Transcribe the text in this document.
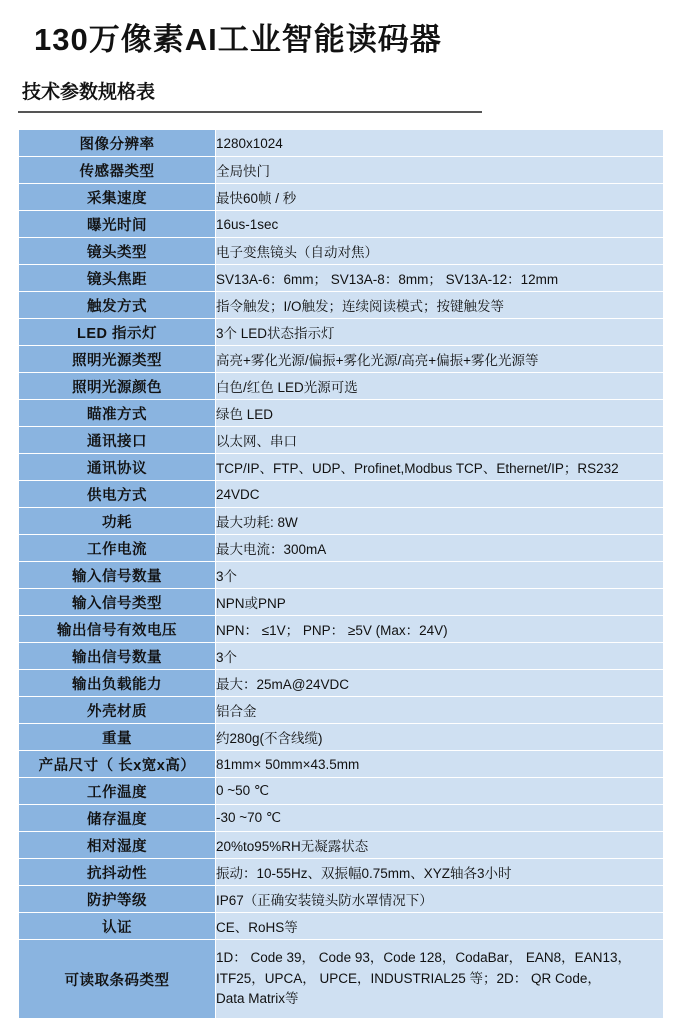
130万像素AI工业智能读码器
技术参数规格表
图像分辨率	1280x1024
传感器类型	全局快门
采集速度	最快60帧 / 秒
曝光时间	16us-1sec
镜头类型	电子变焦镜头（自动对焦）
镜头焦距	SV13A-6：6mm； SV13A-8：8mm； SV13A-12：12mm
触发方式	指令触发；I/O触发；连续阅读模式；按键触发等
LED 指示灯	3个 LED状态指示灯
照明光源类型	高亮+雾化光源/偏振+雾化光源/高亮+偏振+雾化光源等
照明光源颜色	白色/红色 LED光源可选
瞄准方式	绿色 LED
通讯接口	以太网、串口
通讯协议	TCP/IP、FTP、UDP、Profinet,Modbus TCP、Ethernet/IP；RS232
供电方式	24VDC
功耗	最大功耗: 8W
工作电流	最大电流：300mA
输入信号数量	3个
输入信号类型	NPN或PNP
输出信号有效电压	NPN： ≤1V； PNP： ≥5V (Max：24V)
输出信号数量	3个
输出负载能力	最大：25mA@24VDC
外壳材质	铝合金
重量	约280g(不含线缆)
产品尺寸（ 长x宽x高）	81mm× 50mm×43.5mm
工作温度	0 ~50 ℃
储存温度	-30 ~70 ℃
相对湿度	20%to95%RH无凝露状态
抗抖动性	振动：10-55Hz、双振幅0.75mm、XYZ轴各3小时
防护等级	IP67（正确安装镜头防水罩情况下）
认证	CE、RoHS等
可读取条码类型	1D： Code 39， Code 93，Code 128，CodaBar， EAN8，EAN13，
ITF25，UPCA， UPCE，INDUSTRIAL25 等；2D： QR Code，
Data Matrix等
